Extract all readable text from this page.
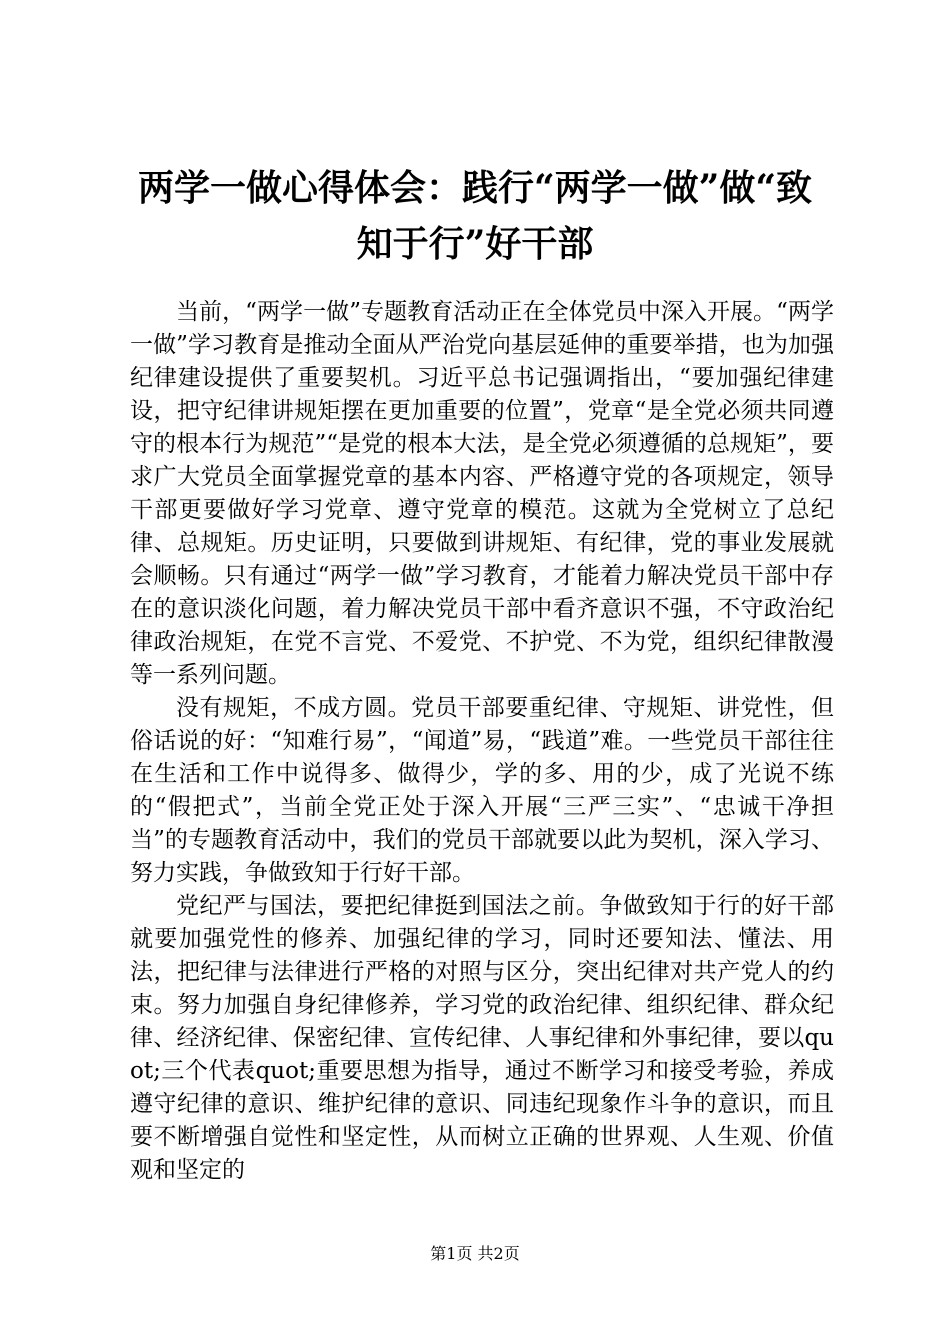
两学一做心得体会：践行“两学一做”做“致
知于行”好干部

当前，“两学一做”专题教育活动正在全体党员中深入开展。“两学一做”学习教育是推动全面从严治党向基层延伸的重要举措，也为加强纪律建设提供了重要契机。习近平总书记强调指出，“要加强纪律建设，把守纪律讲规矩摆在更加重要的位置”，党章“是全党必须共同遵守的根本行为规范”“是党的根本大法，是全党必须遵循的总规矩”，要求广大党员全面掌握党章的基本内容、严格遵守党的各项规定，领导干部更要做好学习党章、遵守党章的模范。这就为全党树立了总纪律、总规矩。历史证明，只要做到讲规矩、有纪律，党的事业发展就会顺畅。只有通过“两学一做”学习教育，才能着力解决党员干部中存在的意识淡化问题，着力解决党员干部中看齐意识不强，不守政治纪律政治规矩，在党不言党、不爱党、不护党、不为党，组织纪律散漫等一系列问题。

没有规矩，不成方圆。党员干部要重纪律、守规矩、讲党性，但俗话说的好：“知难行易”，“闻道”易，“践道”难。一些党员干部往往在生活和工作中说得多、做得少，学的多、用的少，成了光说不练的“假把式”，当前全党正处于深入开展“三严三实”、“忠诚干净担当”的专题教育活动中，我们的党员干部就要以此为契机，深入学习、努力实践，争做致知于行好干部。

党纪严与国法，要把纪律挺到国法之前。争做致知于行的好干部就要加强党性的修养、加强纪律的学习，同时还要知法、懂法、用法，把纪律与法律进行严格的对照与区分，突出纪律对共产党人的约束。努力加强自身纪律修养，学习党的政治纪律、组织纪律、群众纪律、经济纪律、保密纪律、宣传纪律、人事纪律和外事纪律，要以quot;三个代表quot;重要思想为指导，通过不断学习和接受考验，养成遵守纪律的意识、维护纪律的意识、同违纪现象作斗争的意识，而且要不断增强自觉性和坚定性，从而树立正确的世界观、人生观、价值观和坚定的

第1页 共2页
